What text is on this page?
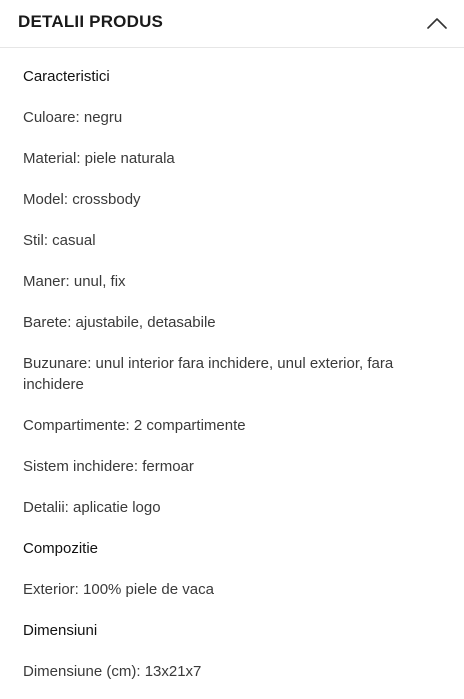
DETALII PRODUS
Caracteristici
Culoare: negru
Material: piele naturala
Model: crossbody
Stil: casual
Maner: unul, fix
Barete: ajustabile, detasabile
Buzunare: unul interior fara inchidere, unul exterior, fara inchidere
Compartimente: 2 compartimente
Sistem inchidere: fermoar
Detalii: aplicatie logo
Compozitie
Exterior: 100% piele de vaca
Dimensiuni
Dimensiune (cm): 13x21x7
